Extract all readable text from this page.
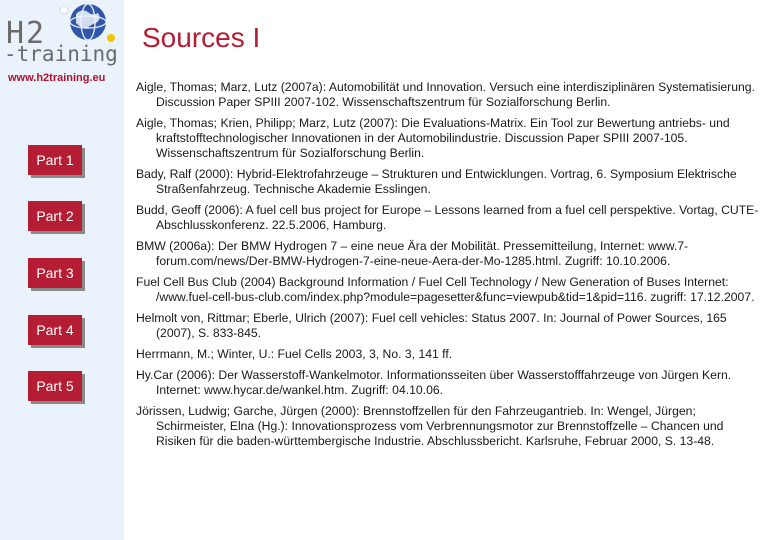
H2
-training
www.h2training.eu
Part 1
Part 2
Part 3
Part 4
Part 5
Sources I
Aigle, Thomas; Marz, Lutz (2007a): Automobilität und Innovation. Versuch eine interdisziplinären Systematisierung. Discussion Paper SPIII 2007-102. Wissenschaftszentrum für Sozialforschung Berlin.
Aigle, Thomas; Krien, Philipp; Marz, Lutz (2007): Die Evaluations-Matrix. Ein Tool zur Bewertung antriebs- und kraftstofftechnologischer Innovationen in der Automobilindustrie. Discussion Paper SPIII 2007-105. Wissenschaftszentrum für Sozialforschung Berlin.
Bady, Ralf (2000): Hybrid-Elektrofahrzeuge – Strukturen und Entwicklungen. Vortrag, 6. Symposium Elektrische Straßenfahrzeug. Technische Akademie Esslingen.
Budd, Geoff (2006): A fuel cell bus project for Europe – Lessons learned from a fuel cell perspektive. Vortag, CUTE-Abschlusskonferenz. 22.5.2006, Hamburg.
BMW (2006a): Der BMW Hydrogen 7 – eine neue Ära der Mobilität. Pressemitteilung, Internet: www.7-forum.com/news/Der-BMW-Hydrogen-7-eine-neue-Aera-der-Mo-1285.html. Zugriff: 10.10.2006.
Fuel Cell Bus Club (2004) Background Information / Fuel Cell Technology / New Generation of Buses Internet: /www.fuel-cell-bus-club.com/index.php?module=pagesetter&func=viewpub&tid=1&pid=116. zugriff: 17.12.2007.
Helmolt von, Rittmar; Eberle, Ulrich (2007): Fuel cell vehicles: Status 2007. In: Journal of Power Sources, 165 (2007), S. 833-845.
Herrmann, M.; Winter, U.: Fuel Cells 2003, 3, No. 3, 141 ff.
Hy.Car (2006): Der Wasserstoff-Wankelmotor. Informationsseiten über Wasserstofffahrzeuge von Jürgen Kern. Internet: www.hycar.de/wankel.htm. Zugriff: 04.10.06.
Jörissen, Ludwig; Garche, Jürgen (2000): Brennstoffzellen für den Fahrzeugantrieb. In: Wengel, Jürgen; Schirmeister, Elna (Hg.): Innovationsprozess vom Verbrennungsmotor zur Brennstoffzelle – Chancen und Risiken für die baden-württembergische Industrie. Abschlussbericht. Karlsruhe, Februar 2000, S. 13-48.
